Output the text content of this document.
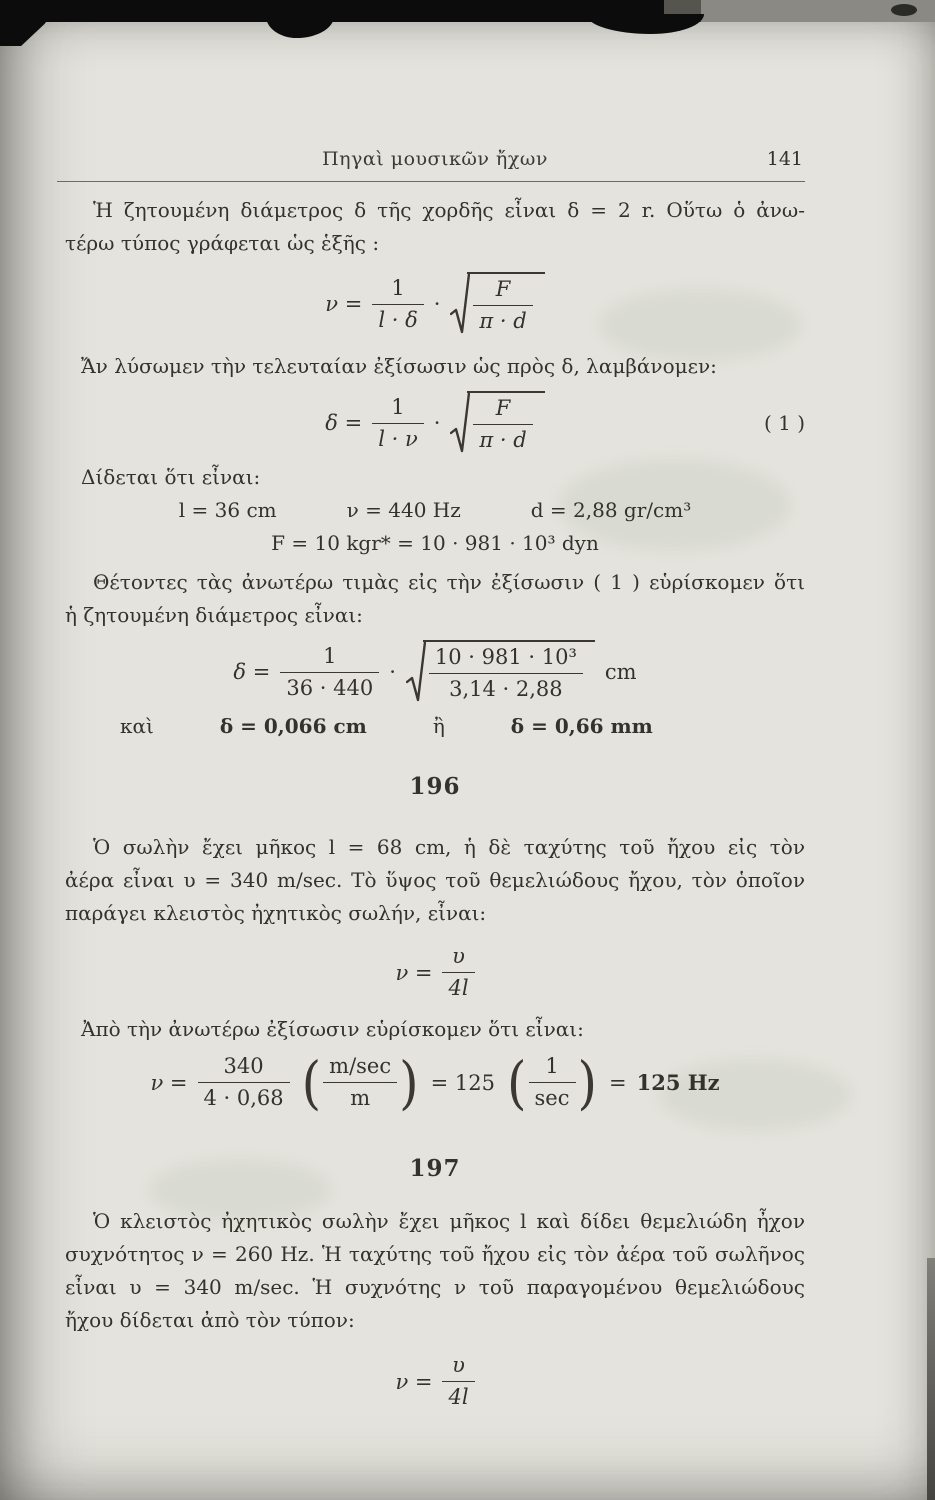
Πηγαὶ μουσικῶν ἤχων	141
Ἡ ζητουμένη διάμετρος δ τῆς χορδῆς εἶναι δ = 2 r. Οὕτω ὁ ἀνω-
τέρω τύπος γράφεται ὡς ἑξῆς :
$\nu = \frac{1}{l \cdot \delta} \cdot \frac{F}{\pi \cdot d}$
Ἄν λύσωμεν τὴν τελευταίαν ἐξίσωσιν ὡς πρὸς δ, λαμβάνομεν:
$\delta = \frac{1}{l \cdot \nu} \cdot \frac{F}{\pi \cdot d}$	( 1 )
Δίδεται ὅτι εἶναι:
l = 36 cm	ν = 440 Hz	d = 2,88 gr/cm³
F = 10 kgr* = 10 · 981 · 10³ dyn
Θέτοντες τὰς ἀνωτέρω τιμὰς εἰς τὴν ἐξίσωσιν ( 1 ) εὑρίσκομεν ὅτι
ἡ ζητουμένη διάμετρος εἶναι:
$\delta = \frac{1}{36 \cdot 440} \cdot \frac{\text{10 · 981 · 10³}}{3,14 \cdot 2,88}$ cm
καὶ	δ = 0,066 cm	ἢ	δ = 0,66 mm
196
Ὁ σωλὴν ἔχει μῆκος l = 68 cm, ἡ δὲ ταχύτης τοῦ ἤχου εἰς τὸν
ἀέρα εἶναι υ = 340 m/sec. Τὸ ὕψος τοῦ θεμελιώδους ἤχου, τὸν ὁποῖον
παράγει κλειστὸς ἠχητικὸς σωλήν, εἶναι:
$\nu = \frac{\upsilon}{4l}$
Ἀπὸ τὴν ἀνωτέρω ἐξίσωσιν εὑρίσκομεν ὅτι εἶναι:
$\nu = \frac{340}{4 \cdot 0,68}$ ( $\frac{m/\sec}{m}$ ) = 125 ( $\frac{1}{\sec}$ ) = 125 Hz
197
Ὁ κλειστὸς ἠχητικὸς σωλὴν ἔχει μῆκος l καὶ δίδει θεμελιώδη ἦχον
συχνότητος ν = 260 Hz. Ἡ ταχύτης τοῦ ἤχου εἰς τὸν ἀέρα τοῦ σωλῆνος
εἶναι υ = 340 m/sec. Ἡ συχνότης ν τοῦ παραγομένου θεμελιώδους
ἤχου δίδεται ἀπὸ τὸν τύπον:
$\nu = \frac{\upsilon}{4l}$
